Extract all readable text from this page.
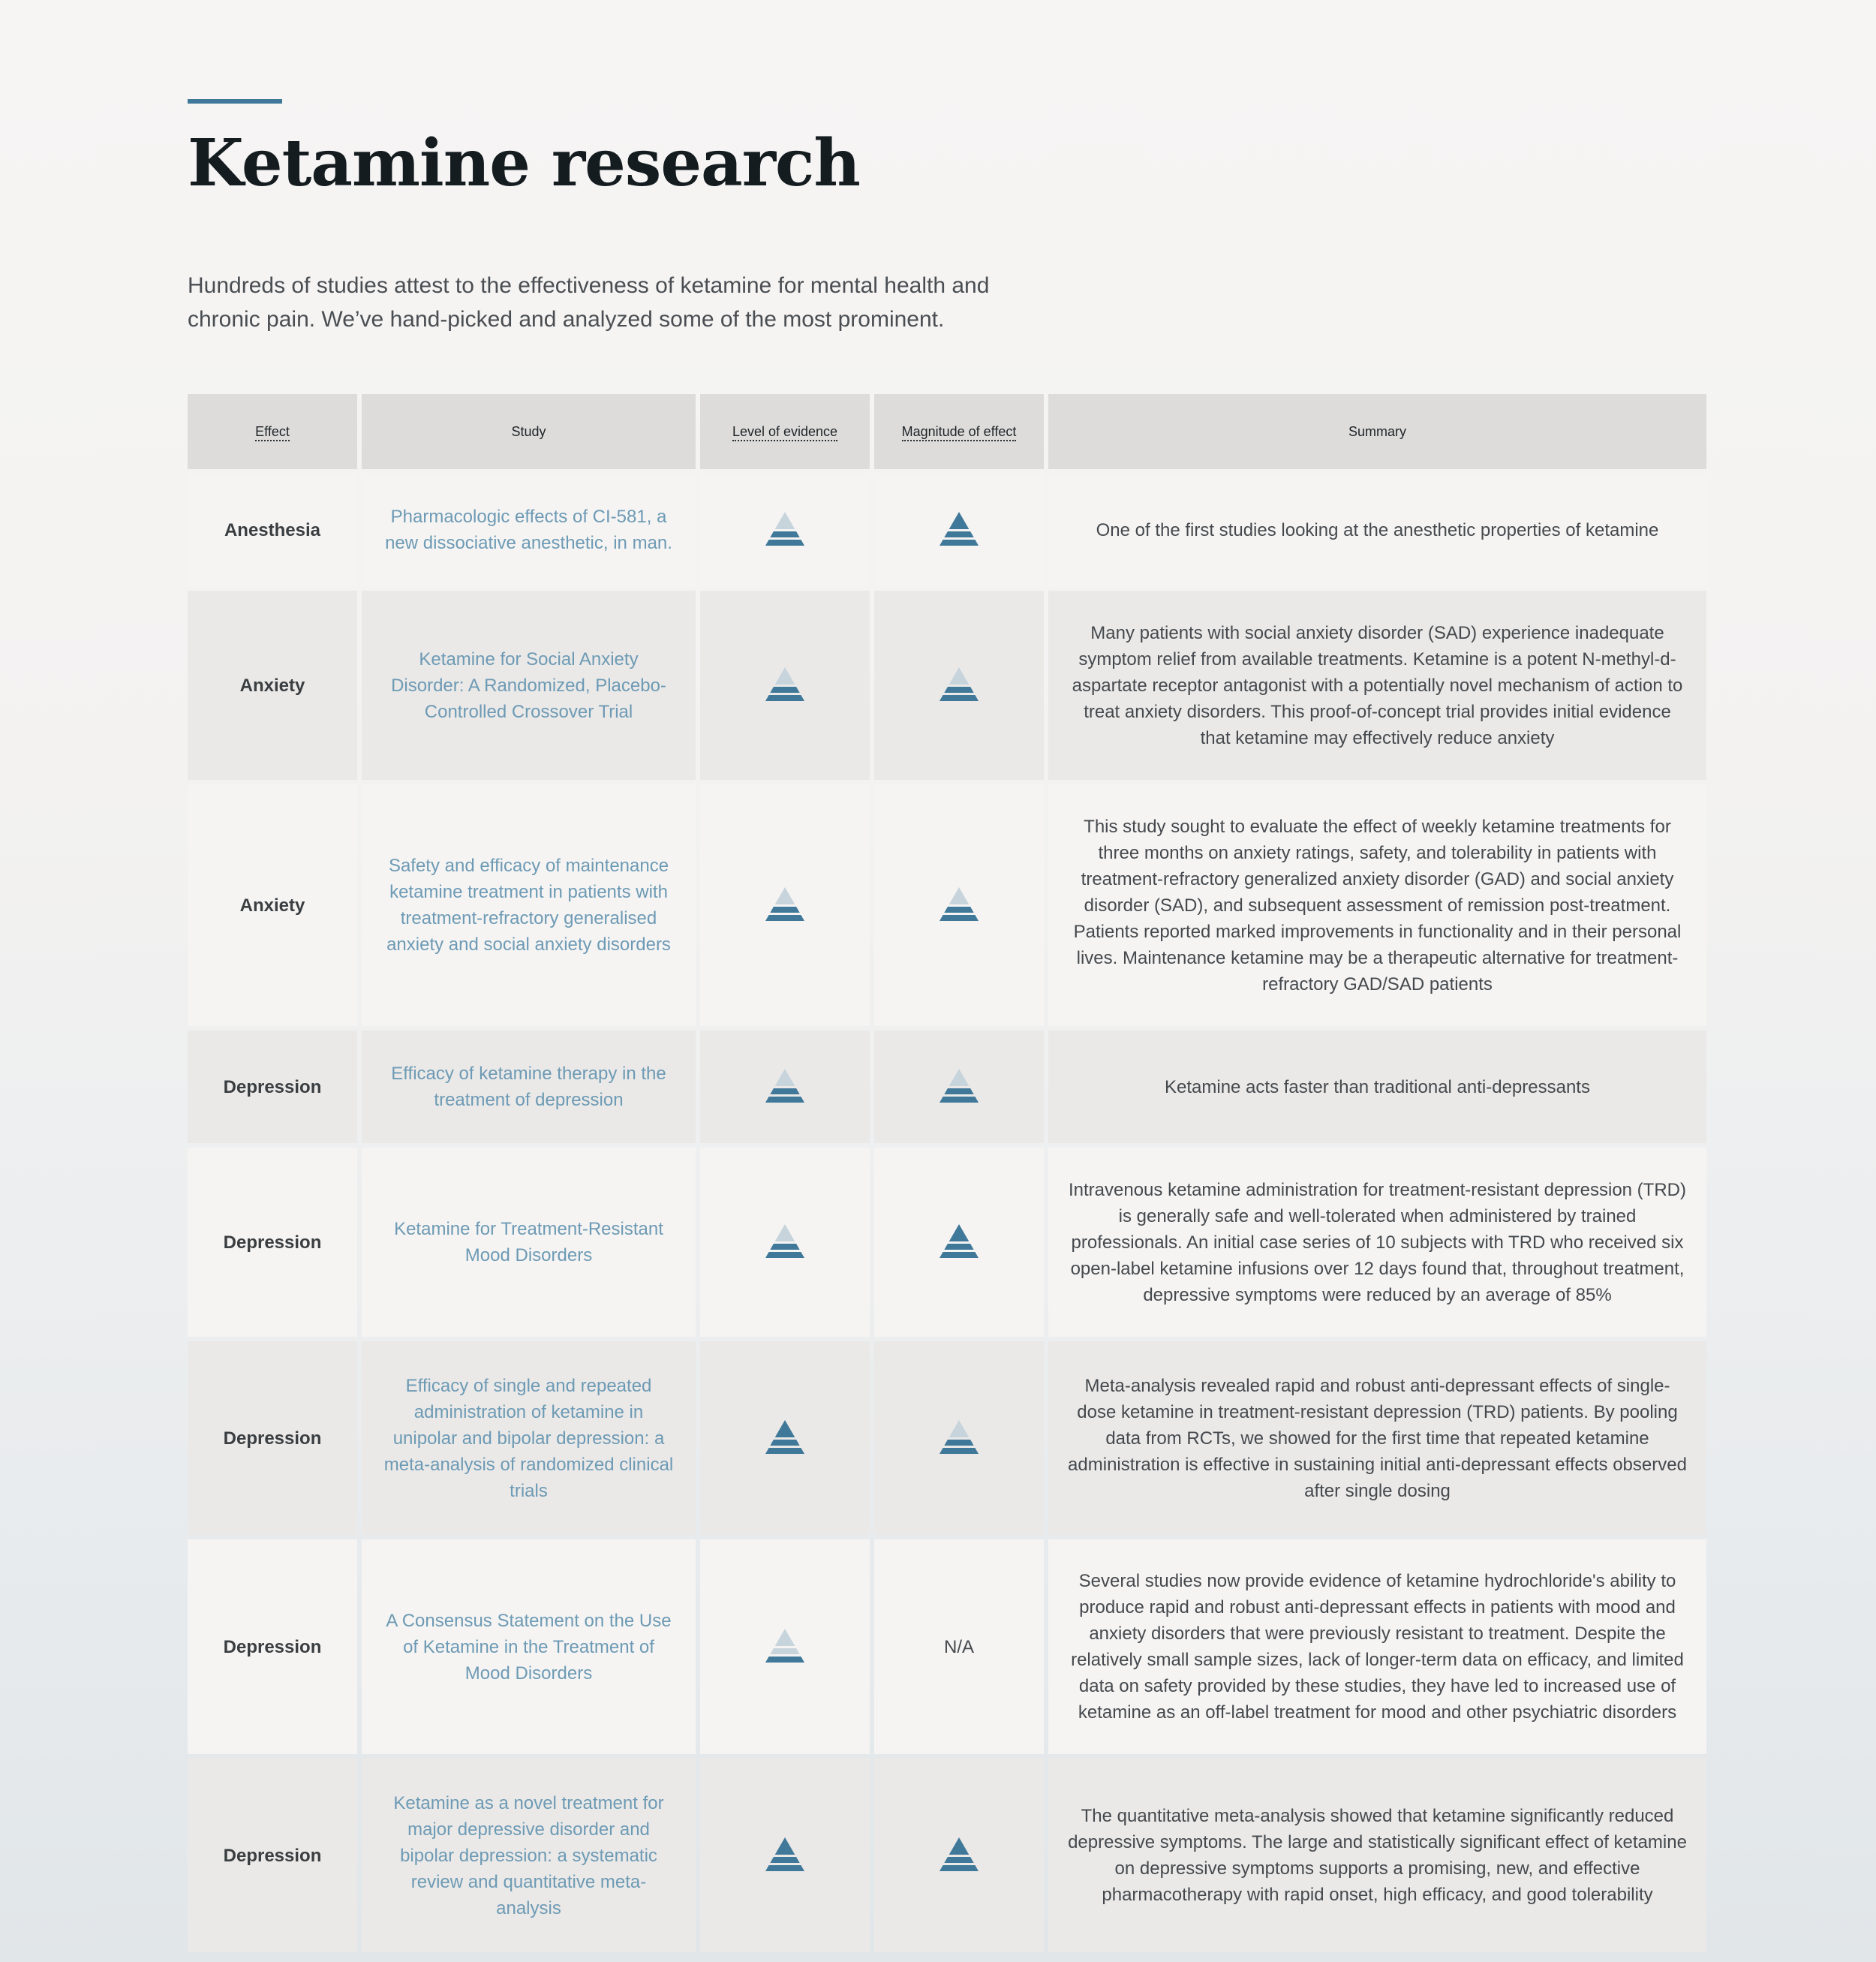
Ketamine research

Hundreds of studies attest to the effectiveness of ketamine for mental health and chronic pain. We’ve hand-picked and analyzed some of the most prominent.

Effect	Study	Level of evidence	Magnitude of effect	Summary
Anesthesia	Pharmacologic effects of CI-581, a new dissociative anesthetic, in man.			One of the first studies looking at the anesthetic properties of ketamine
Anxiety	Ketamine for Social Anxiety Disorder: A Randomized, Placebo-Controlled Crossover Trial			Many patients with social anxiety disorder (SAD) experience inadequate symptom relief from available treatments. Ketamine is a potent N-methyl-d-aspartate receptor antagonist with a potentially novel mechanism of action to treat anxiety disorders. This proof-of-concept trial provides initial evidence that ketamine may effectively reduce anxiety
Anxiety	Safety and efficacy of maintenance ketamine treatment in patients with treatment-refractory generalised anxiety and social anxiety disorders			This study sought to evaluate the effect of weekly ketamine treatments for three months on anxiety ratings, safety, and tolerability in patients with treatment-refractory generalized anxiety disorder (GAD) and social anxiety disorder (SAD), and subsequent assessment of remission post-treatment. Patients reported marked improvements in functionality and in their personal lives. Maintenance ketamine may be a therapeutic alternative for treatment-refractory GAD/SAD patients
Depression	Efficacy of ketamine therapy in the treatment of depression			Ketamine acts faster than traditional anti-depressants
Depression	Ketamine for Treatment-Resistant Mood Disorders			Intravenous ketamine administration for treatment-resistant depression (TRD) is generally safe and well-tolerated when administered by trained professionals. An initial case series of 10 subjects with TRD who received six open-label ketamine infusions over 12 days found that, throughout treatment, depressive symptoms were reduced by an average of 85%
Depression	Efficacy of single and repeated administration of ketamine in unipolar and bipolar depression: a meta-analysis of randomized clinical trials			Meta-analysis revealed rapid and robust anti-depressant effects of single-dose ketamine in treatment-resistant depression (TRD) patients. By pooling data from RCTs, we showed for the first time that repeated ketamine administration is effective in sustaining initial anti-depressant effects observed after single dosing
Depression	A Consensus Statement on the Use of Ketamine in the Treatment of Mood Disorders		N/A	Several studies now provide evidence of ketamine hydrochloride's ability to produce rapid and robust anti-depressant effects in patients with mood and anxiety disorders that were previously resistant to treatment. Despite the relatively small sample sizes, lack of longer-term data on efficacy, and limited data on safety provided by these studies, they have led to increased use of ketamine as an off-label treatment for mood and other psychiatric disorders
Depression	Ketamine as a novel treatment for major depressive disorder and bipolar depression: a systematic review and quantitative meta-analysis			The quantitative meta-analysis showed that ketamine significantly reduced depressive symptoms. The large and statistically significant effect of ketamine on depressive symptoms supports a promising, new, and effective pharmacotherapy with rapid onset, high efficacy, and good tolerability
